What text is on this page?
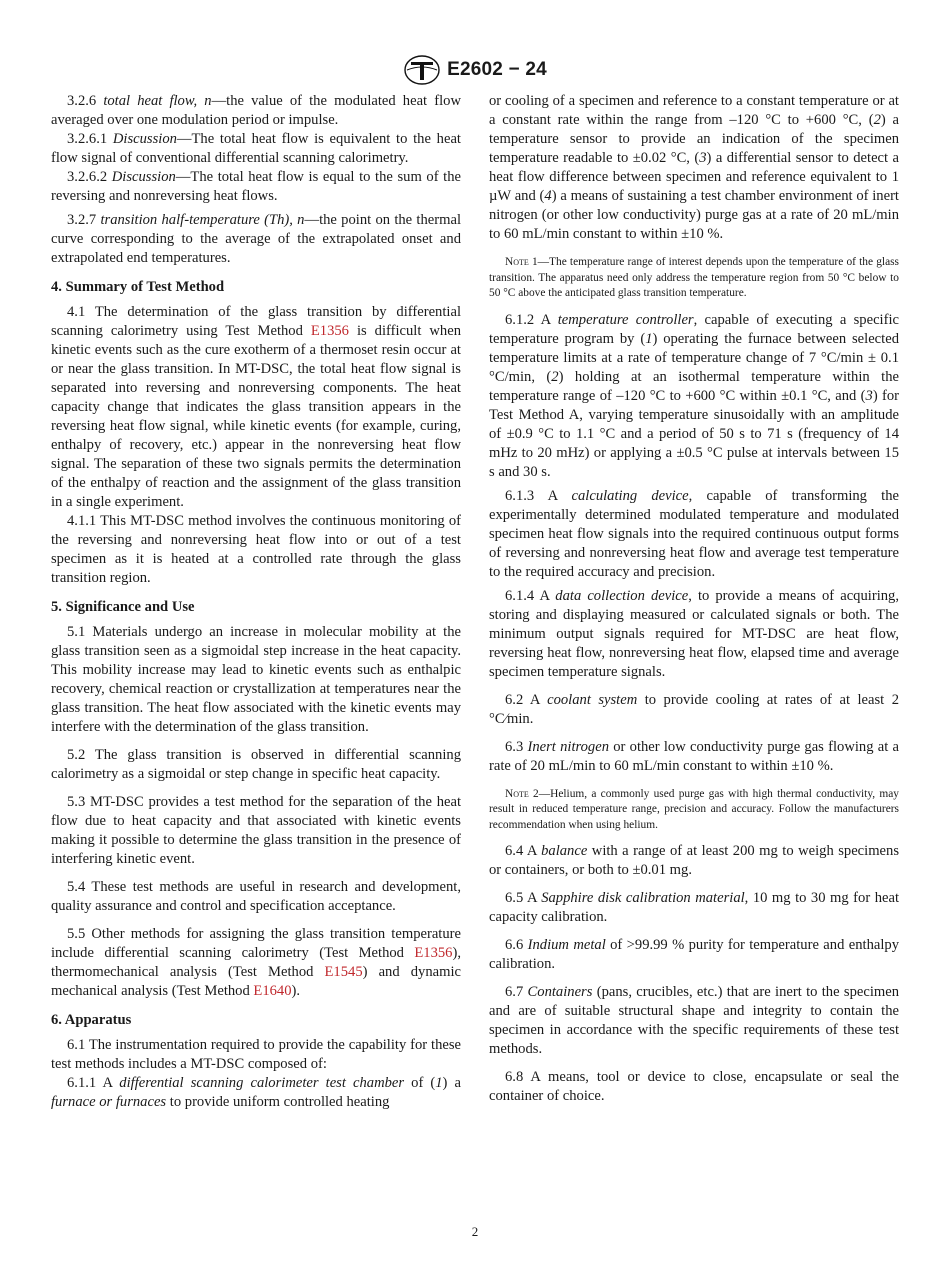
E2602 − 24

3.2.6 total heat flow, n—the value of the modulated heat flow averaged over one modulation period or impulse.

3.2.6.1 Discussion—The total heat flow is equivalent to the heat flow signal of conventional differential scanning calorimetry.

3.2.6.2 Discussion—The total heat flow is equal to the sum of the reversing and nonreversing heat flows.

3.2.7 transition half-temperature (Th), n—the point on the thermal curve corresponding to the average of the extrapolated onset and extrapolated end temperatures.

4. Summary of Test Method

4.1 The determination of the glass transition by differential scanning calorimetry using Test Method E1356 is difficult when kinetic events such as the cure exotherm of a thermoset resin occur at or near the glass transition. In MT-DSC, the total heat flow signal is separated into reversing and nonreversing components. The heat capacity change that indicates the glass transition appears in the reversing heat flow signal, while kinetic events (for example, curing, enthalpy of recovery, etc.) appear in the nonreversing heat flow signal. The separation of these two signals permits the determination of the enthalpy of reaction and the assignment of the glass transition in a single experiment.

4.1.1 This MT-DSC method involves the continuous monitoring of the reversing and nonreversing heat flow into or out of a test specimen as it is heated at a controlled rate through the glass transition region.

5. Significance and Use

5.1 Materials undergo an increase in molecular mobility at the glass transition seen as a sigmoidal step increase in the heat capacity. This mobility increase may lead to kinetic events such as enthalpic recovery, chemical reaction or crystallization at temperatures near the glass transition. The heat flow associated with the kinetic events may interfere with the determination of the glass transition.

5.2 The glass transition is observed in differential scanning calorimetry as a sigmoidal or step change in specific heat capacity.

5.3 MT-DSC provides a test method for the separation of the heat flow due to heat capacity and that associated with kinetic events making it possible to determine the glass transition in the presence of interfering kinetic event.

5.4 These test methods are useful in research and development, quality assurance and control and specification acceptance.

5.5 Other methods for assigning the glass transition temperature include differential scanning calorimetry (Test Method E1356), thermomechanical analysis (Test Method E1545) and dynamic mechanical analysis (Test Method E1640).

6. Apparatus

6.1 The instrumentation required to provide the capability for these test methods includes a MT-DSC composed of:

6.1.1 A differential scanning calorimeter test chamber of (1) a furnace or furnaces to provide uniform controlled heating

or cooling of a specimen and reference to a constant temperature or at a constant rate within the range from –120 °C to +600 °C, (2) a temperature sensor to provide an indication of the specimen temperature readable to ±0.02 °C, (3) a differential sensor to detect a heat flow difference between specimen and reference equivalent to 1 µW and (4) a means of sustaining a test chamber environment of inert nitrogen (or other low conductivity) purge gas at a rate of 20 mL/min to 60 mL/min constant to within ±10 %.

Note 1—The temperature range of interest depends upon the temperature of the glass transition. The apparatus need only address the temperature region from 50 °C below to 50 °C above the anticipated glass transition temperature.

6.1.2 A temperature controller, capable of executing a specific temperature program by (1) operating the furnace between selected temperature limits at a rate of temperature change of 7 °C/min ± 0.1 °C/min, (2) holding at an isothermal temperature within the temperature range of –120 °C to +600 °C within ±0.1 °C, and (3) for Test Method A, varying temperature sinusoidally with an amplitude of ±0.9 °C to 1.1 °C and a period of 50 s to 71 s (frequency of 14 mHz to 20 mHz) or applying a ±0.5 °C pulse at intervals between 15 s and 30 s.

6.1.3 A calculating device, capable of transforming the experimentally determined modulated temperature and modulated specimen heat flow signals into the required continuous output forms of reversing and nonreversing heat flow and average test temperature to the required accuracy and precision.

6.1.4 A data collection device, to provide a means of acquiring, storing and displaying measured or calculated signals or both. The minimum output signals required for MT-DSC are heat flow, reversing heat flow, nonreversing heat flow, elapsed time and average specimen temperature signals.

6.2 A coolant system to provide cooling at rates of at least 2 °C⁄min.

6.3 Inert nitrogen or other low conductivity purge gas flowing at a rate of 20 mL/min to 60 mL/min constant to within ±10 %.

Note 2—Helium, a commonly used purge gas with high thermal conductivity, may result in reduced temperature range, precision and accuracy. Follow the manufacturers recommendation when using helium.

6.4 A balance with a range of at least 200 mg to weigh specimens or containers, or both to ±0.01 mg.

6.5 A Sapphire disk calibration material, 10 mg to 30 mg for heat capacity calibration.

6.6 Indium metal of >99.99 % purity for temperature and enthalpy calibration.

6.7 Containers (pans, crucibles, etc.) that are inert to the specimen and are of suitable structural shape and integrity to contain the specimen in accordance with the specific requirements of these test methods.

6.8 A means, tool or device to close, encapsulate or seal the container of choice.

2
